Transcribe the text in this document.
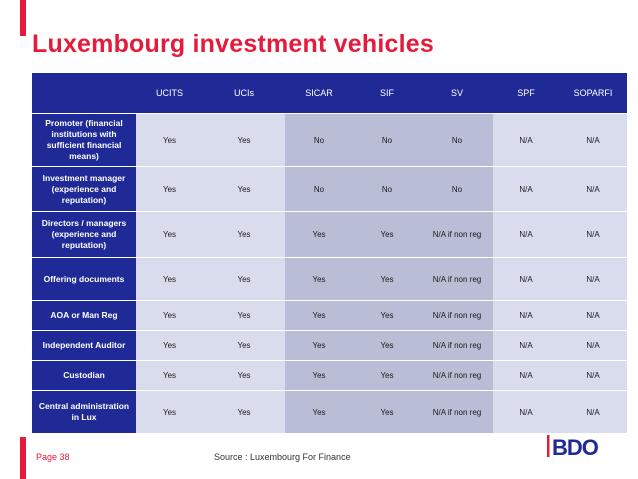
Luxembourg investment vehicles
	UCITS	UCIs	SICAR	SIF	SV	SPF	SOPARFI
Promoter (financial institutions with sufficient financial means)	Yes	Yes	No	No	No	N/A	N/A
Investment manager (experience and reputation)	Yes	Yes	No	No	No	N/A	N/A
Directors / managers (experience and reputation)	Yes	Yes	Yes	Yes	N/A if non reg	N/A	N/A
Offering documents	Yes	Yes	Yes	Yes	N/A if non reg	N/A	N/A
AOA or Man Reg	Yes	Yes	Yes	Yes	N/A if non reg	N/A	N/A
Independent Auditor	Yes	Yes	Yes	Yes	N/A if non reg	N/A	N/A
Custodian	Yes	Yes	Yes	Yes	N/A if non reg	N/A	N/A
Central administration in Lux	Yes	Yes	Yes	Yes	N/A if non reg	N/A	N/A
Page 38	Source : Luxembourg For Finance	BDO
